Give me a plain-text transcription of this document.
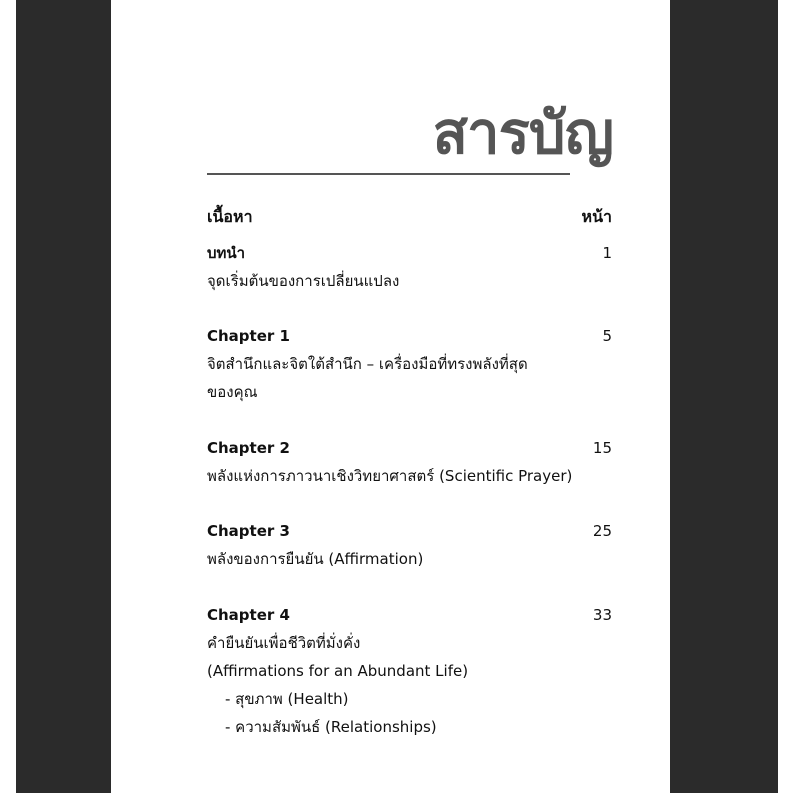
สารบัญ
เนื้อหา	หน้า
บทนำ	1
จุดเริ่มต้นของการเปลี่ยนแปลง
Chapter 1	5
จิตสำนึกและจิตใต้สำนึก – เครื่องมือที่ทรงพลังที่สุด
ของคุณ
Chapter 2	15
พลังแห่งการภาวนาเชิงวิทยาศาสตร์ (Scientific Prayer)
Chapter 3	25
พลังของการยืนยัน (Affirmation)
Chapter 4	33
คำยืนยันเพื่อชีวิตที่มั่งคั่ง
(Affirmations for an Abundant Life)
- สุขภาพ (Health)
- ความสัมพันธ์ (Relationships)
